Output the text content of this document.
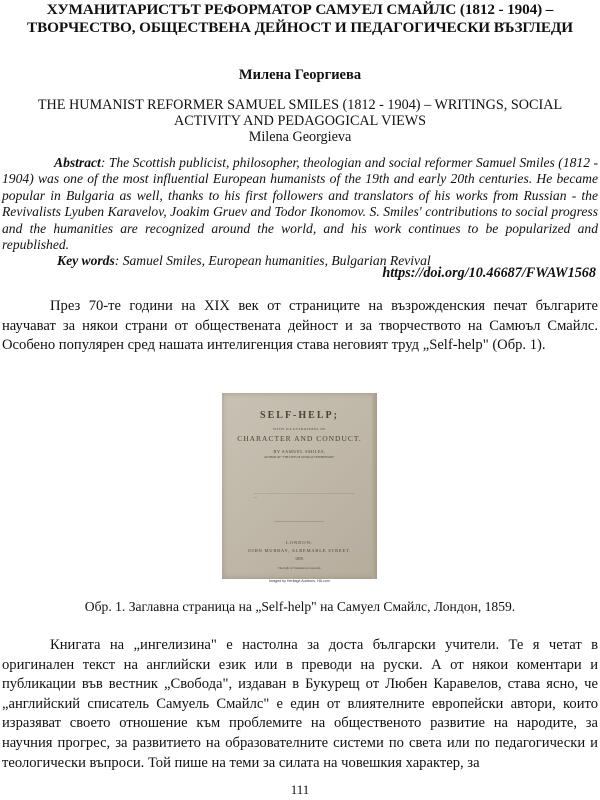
ХУМАНИТАРИСТЪТ РЕФОРМАТОР САМУЕЛ СМАЙЛС (1812 - 1904) – ТВОРЧЕСТВО, ОБЩЕСТВЕНА ДЕЙНОСТ И ПЕДАГОГИЧЕСКИ ВЪЗГЛЕДИ
Милена Георгиева
THE HUMANIST REFORMER SAMUEL SMILES (1812 - 1904) – WRITINGS, SOCIAL ACTIVITY AND PEDAGOGICAL VIEWS
Milena Georgieva
Abstract: The Scottish publicist, philosopher, theologian and social reformer Samuel Smiles (1812 - 1904) was one of the most influential European humanists of the 19th and early 20th centuries. He became popular in Bulgaria as well, thanks to his first followers and translators of his works from Russian - the Revivalists Lyuben Karavelov, Joakim Gruev and Todor Ikonomov. S. Smiles' contributions to social progress and the humanities are recognized around the world, and his work continues to be popularized and republished.
Key words: Samuel Smiles, European humanities, Bulgarian Revival
https://doi.org/10.46687/FWAW1568
През 70-те години на XIX век от страниците на възрожденския печат българите научават за някои страни от обществената дейност и за творчеството на Самюъл Смайлс. Особено популярен сред нашата интелигенция става неговият труд „Self-help" (Обр. 1).
SELF-HELP;
WITH ILLUSTRATIONS OF
CHARACTER AND CONDUCT.
BY SAMUEL SMILES,
AUTHOR OF "THE LIFE OF GEORGE STEPHENSON."
— — — — — — — — — — — — — — — — — — — — — — — — — — — —
LONDON:
JOHN MURRAY, ALBEMARLE STREET.
1859.
The right of Translation is reserved.
Imaged by Heritage Auctions, HA.com
Обр. 1. Заглавна страница на „Self-help" на Самуел Смайлс, Лондон, 1859.
Книгата на „ингелизина" е настолна за доста български учители. Те я четат в оригинален текст на английски език или в преводи на руски. А от някои коментари и публикации във вестник „Свобода", издаван в Букурещ от Любен Каравелов, става ясно, че „английский списатель Самуель Смайлс" е един от влиятелните европейски автори, които изразяват своето отношение към проблемите на общественото развитие на народите, за научния прогрес, за развитието на образователните системи по света или по педагогически и теологически въпроси. Той пише на теми за силата на човешкия характер, за
111
